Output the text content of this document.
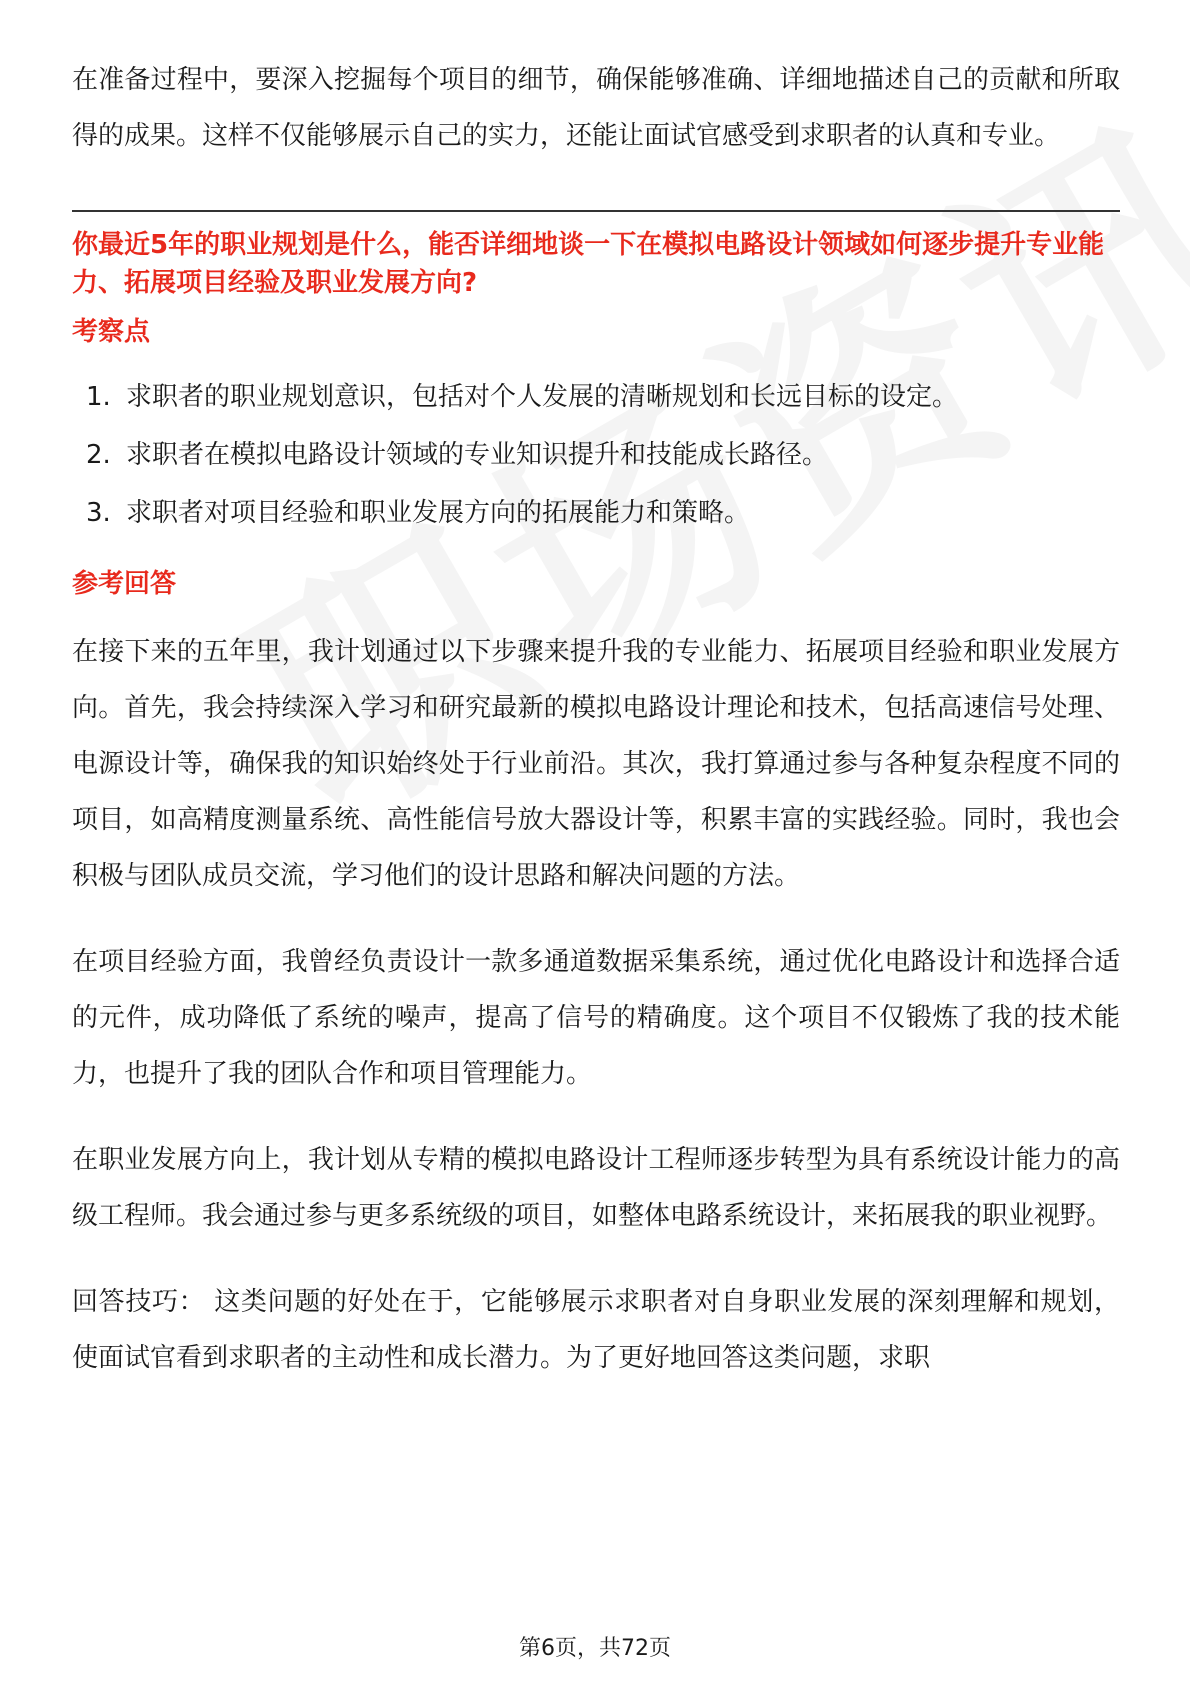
在准备过程中，要深入挖掘每个项目的细节，确保能够准确、详细地描述自己的贡献和所取得的成果。这样不仅能够展示自己的实力，还能让面试官感受到求职者的认真和专业。

你最近5年的职业规划是什么，能否详细地谈一下在模拟电路设计领域如何逐步提升专业能力、拓展项目经验及职业发展方向?

考察点
1. 求职者的职业规划意识，包括对个人发展的清晰规划和长远目标的设定。
2. 求职者在模拟电路设计领域的专业知识提升和技能成长路径。
3. 求职者对项目经验和职业发展方向的拓展能力和策略。
参考回答

在接下来的五年里，我计划通过以下步骤来提升我的专业能力、拓展项目经验和职业发展方向。首先，我会持续深入学习和研究最新的模拟电路设计理论和技术，包括高速信号处理、电源设计等，确保我的知识始终处于行业前沿。其次，我打算通过参与各种复杂程度不同的项目，如高精度测量系统、高性能信号放大器设计等，积累丰富的实践经验。同时，我也会积极与团队成员交流，学习他们的设计思路和解决问题的方法。

在项目经验方面，我曾经负责设计一款多通道数据采集系统，通过优化电路设计和选择合适的元件，成功降低了系统的噪声，提高了信号的精确度。这个项目不仅锻炼了我的技术能力，也提升了我的团队合作和项目管理能力。

在职业发展方向上，我计划从专精的模拟电路设计工程师逐步转型为具有系统设计能力的高级工程师。我会通过参与更多系统级的项目，如整体电路系统设计，来拓展我的职业视野。

回答技巧： 这类问题的好处在于，它能够展示求职者对自身职业发展的深刻理解和规划，使面试官看到求职者的主动性和成长潜力。为了更好地回答这类问题，求职

第6页，共72页
